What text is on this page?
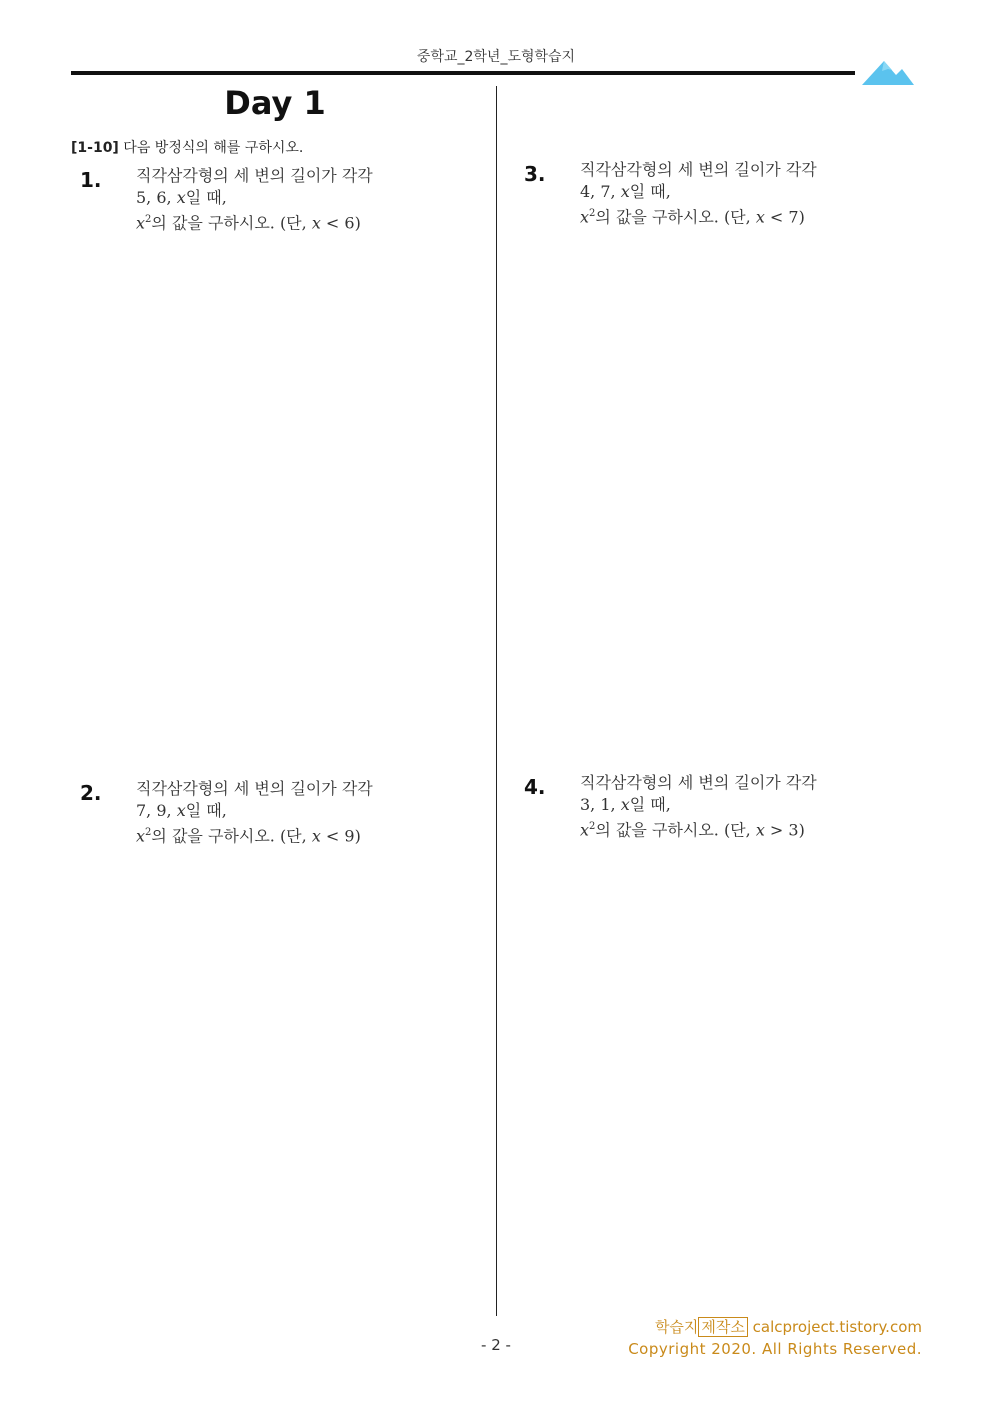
중학교_2학년_도형학습지
Day 1
[1-10] 다음 방정식의 해를 구하시오.
1. 직각삼각형의 세 변의 길이가 각각
5, 6, x일 때,
$x^2$의 값을 구하시오. (단, x < 6)
2. 직각삼각형의 세 변의 길이가 각각
7, 9, x일 때,
$x^2$의 값을 구하시오. (단, x < 9)
3. 직각삼각형의 세 변의 길이가 각각
4, 7, x일 때,
$x^2$의 값을 구하시오. (단, x < 7)
4. 직각삼각형의 세 변의 길이가 각각
3, 1, x일 때,
$x^2$의 값을 구하시오. (단, x > 3)
- 2 -
학습지 제작소 calcproject.tistory.com
Copyright 2020. All Rights Reserved.
